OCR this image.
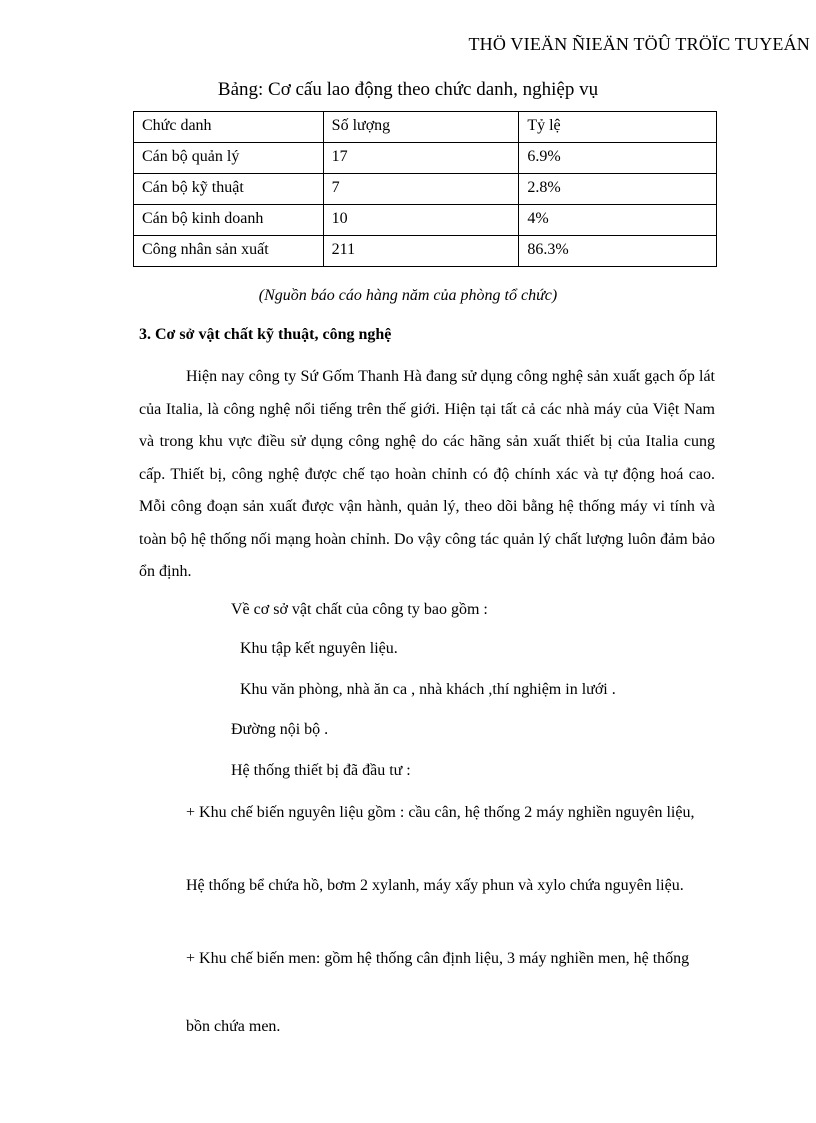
THÖ VIEÄN ÑIEÄN TÖÛ TRÖÏC TUYEÁN
Bảng: Cơ cấu lao động theo chức danh, nghiệp vụ
Chức danh	Số lượng	Tỷ lệ
Cán bộ quản lý	17	6.9%
Cán bộ kỹ thuật	7	2.8%
Cán bộ kinh doanh	10	4%
Công nhân sản xuất	211	86.3%
(Nguồn báo cáo hàng năm của phòng tổ chức)
3. Cơ sở vật chất kỹ thuật, công nghệ

Hiện nay công ty Sứ Gốm Thanh Hà đang sử dụng công nghệ sản xuất gạch ốp lát của Italia, là công nghệ nổi tiếng trên thế giới. Hiện tại tất cả các nhà máy của Việt Nam và trong khu vực điều sử dụng công nghệ do các hãng sản xuất thiết bị của Italia cung cấp. Thiết bị, công nghệ được chế tạo hoàn chỉnh có độ chính xác và tự động hoá cao. Mỗi công đoạn sản xuất được vận hành, quản lý, theo dõi bằng hệ thống máy vi tính và toàn bộ hệ thống nối mạng hoàn chỉnh. Do vậy công tác quản lý chất lượng luôn đảm bảo ổn định.

Về cơ sở vật chất của công ty bao gồm :
Khu tập kết nguyên liệu.
Khu văn phòng, nhà ăn ca , nhà khách ,thí nghiệm in lưới .
Đường nội bộ .
Hệ thống thiết bị đã đầu tư :

+ Khu chế biến nguyên liệu gồm : cầu cân, hệ thống 2 máy nghiền nguyên liệu,

Hệ thống bể chứa hồ, bơm 2 xylanh, máy xấy phun và xylo chứa nguyên liệu.

+ Khu chế biến men: gồm hệ thống cân định liệu, 3 máy nghiền men, hệ thống

bồn chứa men.
